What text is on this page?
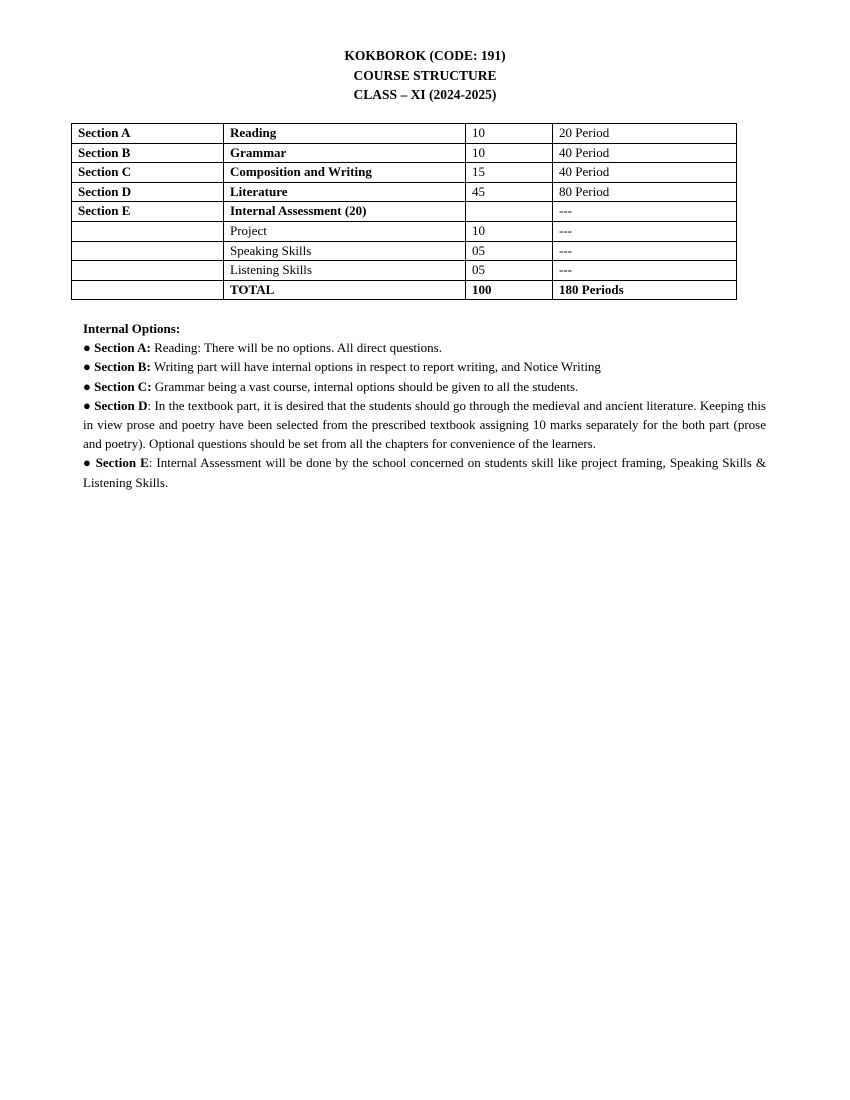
KOKBOROK (CODE: 191)
COURSE STRUCTURE
CLASS – XI (2024-2025)
Section A	Reading	10	20 Period
Section B	Grammar	10	40 Period
Section C	Composition and Writing	15	40 Period
Section D	Literature	45	80 Period
Section E	Internal Assessment (20)		---
	Project	10	---
	Speaking Skills	05	---
	Listening Skills	05	---
	TOTAL	100	180 Periods

Internal Options:

● Section A: Reading: There will be no options. All direct questions.

● Section B: Writing part will have internal options in respect to report writing, and Notice Writing

● Section C: Grammar being a vast course, internal options should be given to all the students.

● Section D: In the textbook part, it is desired that the students should go through the medieval and ancient literature. Keeping this in view prose and poetry have been selected from the prescribed textbook assigning 10 marks separately for the both part (prose and poetry). Optional questions should be set from all the chapters for convenience of the learners.

● Section E: Internal Assessment will be done by the school concerned on students skill like project framing, Speaking Skills & Listening Skills.
